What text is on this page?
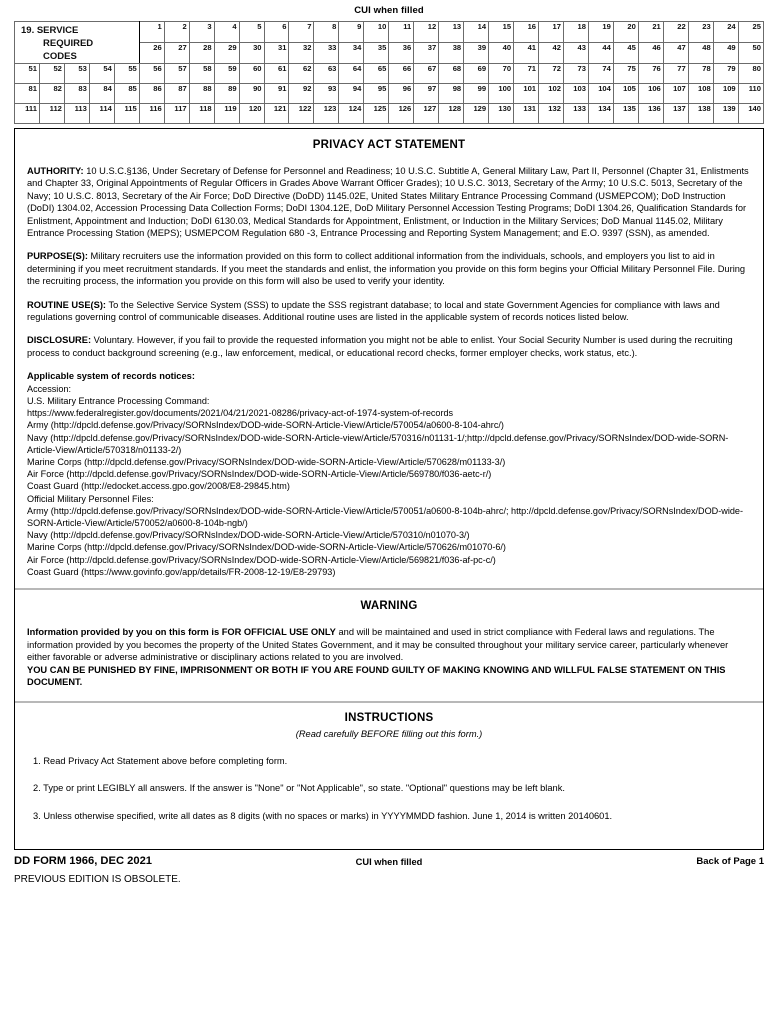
CUI when filled
19. SERVICE
REQUIRED
CODES					1	2	3	4	5	6	7	8	9	10	11	12	13	14	15	16	17	18	19	20	21	22	23	24	25
					26	27	28	29	30	31	32	33	34	35	36	37	38	39	40	41	42	43	44	45	46	47	48	49	50
51	52	53	54	55	56	57	58	59	60	61	62	63	64	65	66	67	68	69	70	71	72	73	74	75	76	77	78	79	80
81	82	83	84	85	86	87	88	89	90	91	92	93	94	95	96	97	98	99	100	101	102	103	104	105	106	107	108	109	110
111	112	113	114	115	116	117	118	119	120	121	122	123	124	125	126	127	128	129	130	131	132	133	134	135	136	137	138	139	140
PRIVACY ACT STATEMENT

AUTHORITY: 10 U.S.C.§136, Under Secretary of Defense for Personnel and Readiness; 10 U.S.C. Subtitle A, General Military Law, Part II, Personnel (Chapter 31, Enlistments and Chapter 33, Original Appointments of Regular Officers in Grades Above Warrant Officer Grades); 10 U.S.C. 3013, Secretary of the Army; 10 U.S.C. 5013, Secretary of the Navy; 10 U.S.C. 8013, Secretary of the Air Force; DoD Directive (DoDD) 1145.02E, United States Military Entrance Processing Command (USMEPCOM); DoD Instruction (DoDI) 1304.02, Accession Processing Data Collection Forms; DoDI 1304.12E, DoD Military Personnel Accession Testing Programs; DoDI 1304.26, Qualification Standards for Enlistment, Appointment and Induction; DoDI 6130.03, Medical Standards for Appointment, Enlistment, or Induction in the Military Services; DoD Manual 1145.02, Military Entrance Processing Station (MEPS); USMEPCOM Regulation 680 -3, Entrance Processing and Reporting System Management; and E.O. 9397 (SSN), as amended.

PURPOSE(S): Military recruiters use the information provided on this form to collect additional information from the individuals, schools, and employers you list to aid in determining if you meet recruitment standards. If you meet the standards and enlist, the information you provide on this form begins your Official Military Personnel File. During the recruiting process, the information you provide on this form will also be used to verify your identity.

ROUTINE USE(S): To the Selective Service System (SSS) to update the SSS registrant database; to local and state Government Agencies for compliance with laws and regulations governing control of communicable diseases. Additional routine uses are listed in the applicable system of records notices listed below.

DISCLOSURE: Voluntary. However, if you fail to provide the requested information you might not be able to enlist. Your Social Security Number is used during the recruiting process to conduct background screening (e.g., law enforcement, medical, or educational record checks, former employer checks, work status, etc.).

Applicable system of records notices:

Accession:
U.S. Military Entrance Processing Command:
https://www.federalregister.gov/documents/2021/04/21/2021-08286/privacy-act-of-1974-system-of-records
Army (http://dpcld.defense.gov/Privacy/SORNsIndex/DOD-wide-SORN-Article-View/Article/570054/a0600-8-104-ahrc/)
Navy (http://dpcld.defense.gov/Privacy/SORNsIndex/DOD-wide-SORN-Article-view/Article/570316/n01131-1/;http://dpcld.defense.gov/Privacy/SORNsIndex/DOD-wide-SORN-Article-View/Article/570318/n01133-2/)
Marine Corps (http://dpcld.defense.gov/Privacy/SORNsIndex/DOD-wide-SORN-Article-View/Article/570628/m01133-3/)
Air Force (http://dpcld.defense.gov/Privacy/SORNsIndex/DOD-wide-SORN-Article-View/Article/569780/f036-aetc-r/)
Coast Guard (http://edocket.access.gpo.gov/2008/E8-29845.htm)
Official Military Personnel Files:
Army (http://dpcld.defense.gov/Privacy/SORNsIndex/DOD-wide-SORN-Article-View/Article/570051/a0600-8-104b-ahrc/; http://dpcld.defense.gov/Privacy/SORNsIndex/DOD-wide-SORN-Article-View/Article/570052/a0600-8-104b-ngb/)
Navy (http://dpcld.defense.gov/Privacy/SORNsIndex/DOD-wide-SORN-Article-View/Article/570310/n01070-3/)
Marine Corps (http://dpcld.defense.gov/Privacy/SORNsIndex/DOD-wide-SORN-Article-View/Article/570626/m01070-6/)
Air Force (http://dpcld.defense.gov/Privacy/SORNsIndex/DOD-wide-SORN-Article-View/Article/569821/f036-af-pc-c/)
Coast Guard (https://www.govinfo.gov/app/details/FR-2008-12-19/E8-29793)
WARNING

Information provided by you on this form is FOR OFFICIAL USE ONLY and will be maintained and used in strict compliance with Federal laws and regulations. The information provided by you becomes the property of the United States Government, and it may be consulted throughout your military service career, particularly whenever either favorable or adverse administrative or disciplinary actions related to you are involved.
YOU CAN BE PUNISHED BY FINE, IMPRISONMENT OR BOTH IF YOU ARE FOUND GUILTY OF MAKING KNOWING AND WILLFUL FALSE STATEMENT ON THIS DOCUMENT.

INSTRUCTIONS
(Read carefully BEFORE filling out this form.)

1. Read Privacy Act Statement above before completing form.

2. Type or print LEGIBLY all answers. If the answer is "None" or "Not Applicable", so state. "Optional" questions may be left blank.

3. Unless otherwise specified, write all dates as 8 digits (with no spaces or marks) in YYYYMMDD fashion. June 1, 2014 is written 20140601.

DD FORM 1966, DEC 2021	CUI when filled	Back of Page 1
PREVIOUS EDITION IS OBSOLETE.
